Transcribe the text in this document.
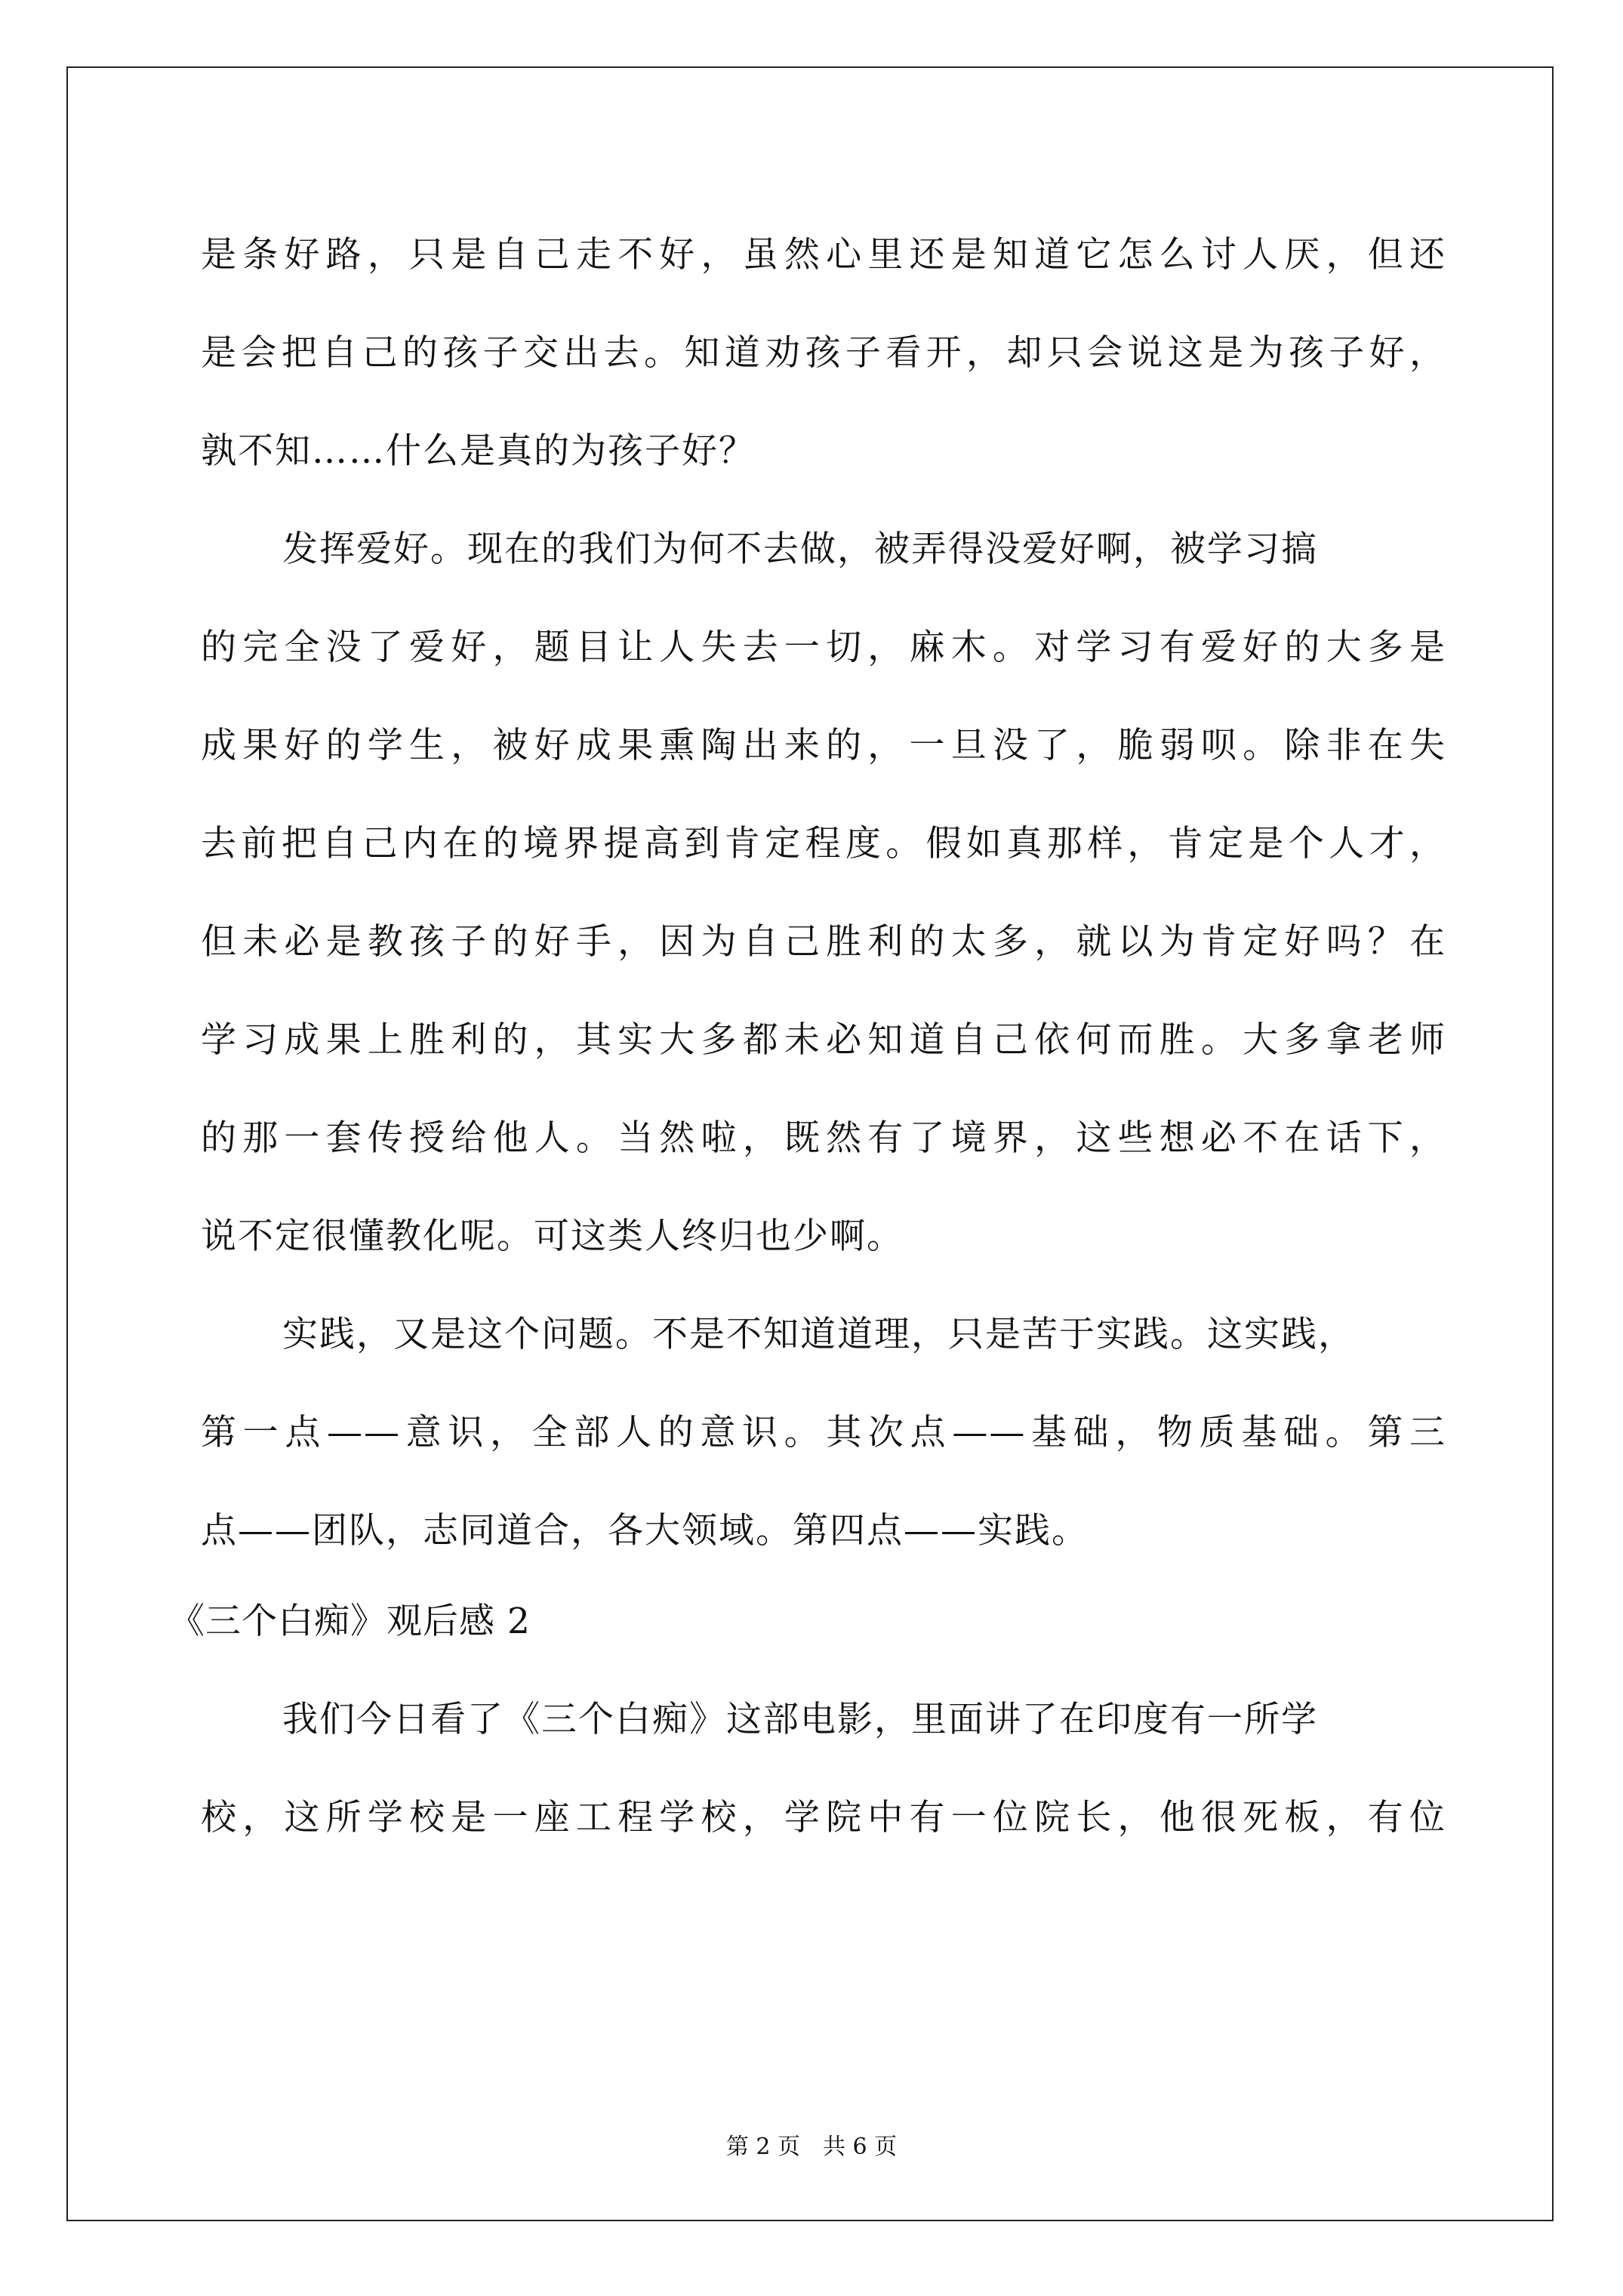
是条好路，只是自己走不好，虽然心里还是知道它怎么讨人厌，但还
是会把自己的孩子交出去。知道劝孩子看开，却只会说这是为孩子好，
孰不知……什么是真的为孩子好？
发挥爱好。现在的我们为何不去做，被弄得没爱好啊，被学习搞
的完全没了爱好，题目让人失去一切，麻木。对学习有爱好的大多是
成果好的学生，被好成果熏陶出来的，一旦没了，脆弱呗。除非在失
去前把自己内在的境界提高到肯定程度。假如真那样，肯定是个人才，
但未必是教孩子的好手，因为自己胜利的太多，就以为肯定好吗？在
学习成果上胜利的，其实大多都未必知道自己依何而胜。大多拿老师
的那一套传授给他人。当然啦，既然有了境界，这些想必不在话下，
说不定很懂教化呢。可这类人终归也少啊。
实践，又是这个问题。不是不知道道理，只是苦于实践。这实践，
第一点——意识，全部人的意识。其次点——基础，物质基础。第三
点——团队，志同道合，各大领域。第四点——实践。
《三个白痴》观后感 2
我们今日看了《三个白痴》这部电影，里面讲了在印度有一所学
校，这所学校是一座工程学校，学院中有一位院长，他很死板，有位
第 2 页　共 6 页
